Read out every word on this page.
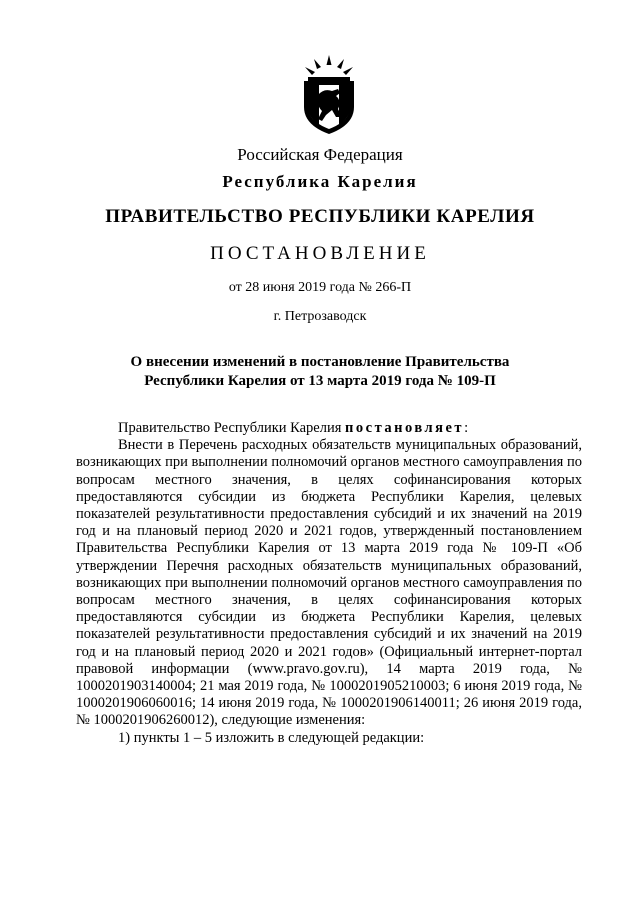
Российская Федерация
Республика Карелия
ПРАВИТЕЛЬСТВО РЕСПУБЛИКИ КАРЕЛИЯ
ПОСТАНОВЛЕНИЕ
от 28 июня 2019 года № 266-П
г. Петрозаводск
О внесении изменений в постановление Правительства
Республики Карелия от 13 марта 2019 года № 109-П

Правительство Республики Карелия постановляет:

Внести в Перечень расходных обязательств муниципальных образований, возникающих при выполнении полномочий органов местного самоуправления по вопросам местного значения, в целях софинансирования которых предоставляются субсидии из бюджета Республики Карелия, целевых показателей результативности предоставления субсидий и их значений на 2019 год и на плановый период 2020 и 2021 годов, утвержденный постановлением Правительства Республики Карелия от 13 марта 2019 года № 109-П «Об утверждении Перечня расходных обязательств муниципальных образований, возникающих при выполнении полномочий органов местного самоуправления по вопросам местного значения, в целях софинансирования которых предоставляются субсидии из бюджета Республики Карелия, целевых показателей результативности предоставления субсидий и их значений на 2019 год и на плановый период 2020 и 2021 годов» (Официальный интернет-портал правовой информации (www.pravo.gov.ru), 14 марта 2019 года, № 1000201903140004; 21 мая 2019 года, № 1000201905210003; 6 июня 2019 года, № 1000201906060016; 14 июня 2019 года, № 1000201906140011; 26 июня 2019 года, № 1000201906260012), следующие изменения:

1) пункты 1 – 5 изложить в следующей редакции:
